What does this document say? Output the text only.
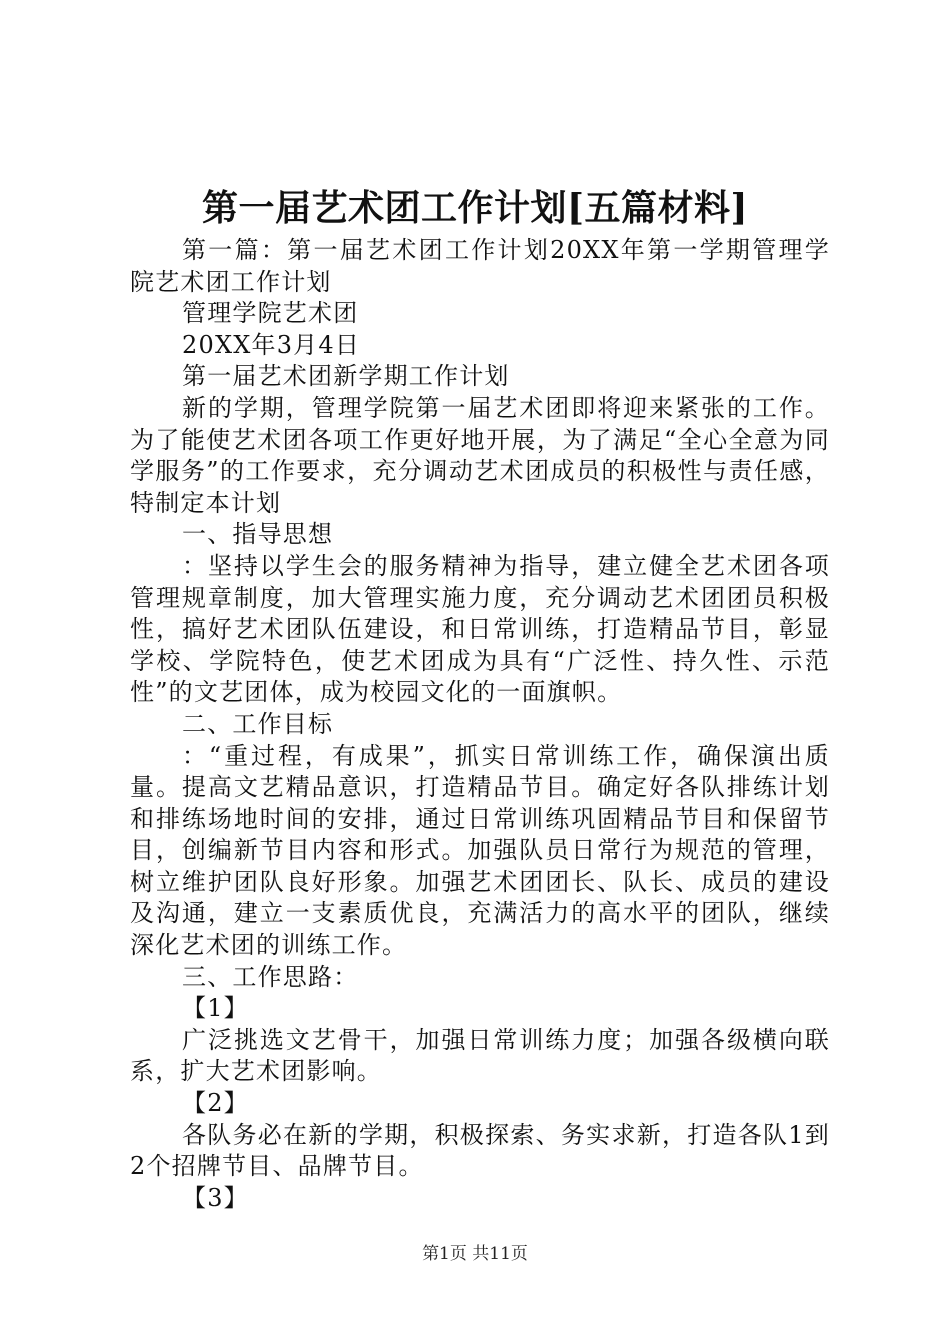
第一届艺术团工作计划[五篇材料]

第一篇：第一届艺术团工作计划20XX年第一学期管理学院艺术团工作计划

管理学院艺术团

20XX年3月4日

第一届艺术团新学期工作计划

新的学期，管理学院第一届艺术团即将迎来紧张的工作。为了能使艺术团各项工作更好地开展，为了满足“全心全意为同学服务”的工作要求，充分调动艺术团成员的积极性与责任感，特制定本计划

一、指导思想

：坚持以学生会的服务精神为指导，建立健全艺术团各项管理规章制度，加大管理实施力度，充分调动艺术团团员积极性，搞好艺术团队伍建设，和日常训练，打造精品节目，彰显学校、学院特色，使艺术团成为具有“广泛性、持久性、示范性”的文艺团体，成为校园文化的一面旗帜。

二、工作目标

：“重过程，有成果”，抓实日常训练工作，确保演出质量。提高文艺精品意识，打造精品节目。确定好各队排练计划和排练场地时间的安排，通过日常训练巩固精品节目和保留节目，创编新节目内容和形式。加强队员日常行为规范的管理，树立维护团队良好形象。加强艺术团团长、队长、成员的建设及沟通，建立一支素质优良，充满活力的高水平的团队，继续深化艺术团的训练工作。

三、工作思路：

【1】

广泛挑选文艺骨干，加强日常训练力度；加强各级横向联系，扩大艺术团影响。

【2】

各队务必在新的学期，积极探索、务实求新，打造各队1到2个招牌节目、品牌节目。

【3】

第1页 共11页
